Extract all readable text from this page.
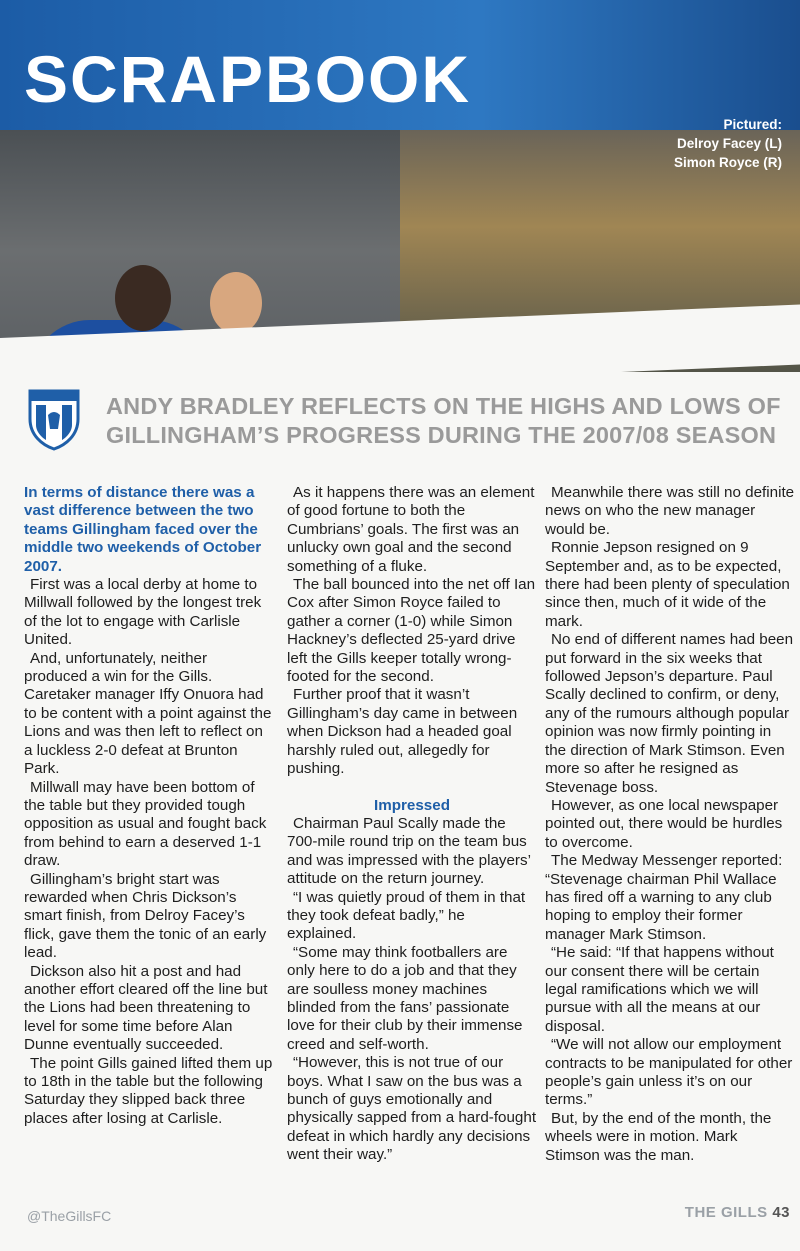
SCRAPBOOK
Pictured:
Delroy Facey (L)
Simon Royce (R)
ANDY BRADLEY REFLECTS ON THE HIGHS AND LOWS OF GILLINGHAM’S PROGRESS DURING THE 2007/08 SEASON

In terms of distance there was a vast difference between the two teams Gillingham faced over the middle two weekends of October 2007.

First was a local derby at home to Millwall followed by the longest trek of the lot to engage with Carlisle United.

And, unfortunately, neither produced a win for the Gills. Caretaker manager Iffy Onuora had to be content with a point against the Lions and was then left to reflect on a luckless 2-0 defeat at Brunton Park.

Millwall may have been bottom of the table but they provided tough opposition as usual and fought back from behind to earn a deserved 1-1 draw.

Gillingham’s bright start was rewarded when Chris Dickson’s smart finish, from Delroy Facey’s flick, gave them the tonic of an early lead.

Dickson also hit a post and had another effort cleared off the line but the Lions had been threatening to level for some time before Alan Dunne eventually succeeded.

The point Gills gained lifted them up to 18th in the table but the following Saturday they slipped back three places after losing at Carlisle.

As it happens there was an element of good fortune to both the Cumbrians’ goals. The first was an unlucky own goal and the second something of a fluke.

The ball bounced into the net off Ian Cox after Simon Royce failed to gather a corner (1-0) while Simon Hackney’s deflected 25-yard drive left the Gills keeper totally wrong-footed for the second.

Further proof that it wasn’t Gillingham’s day came in between when Dickson had a headed goal harshly ruled out, allegedly for pushing.

Impressed

Chairman Paul Scally made the 700-mile round trip on the team bus and was impressed with the players’ attitude on the return journey.

“I was quietly proud of them in that they took defeat badly,” he explained.

“Some may think footballers are only here to do a job and that they are soulless money machines blinded from the fans’ passionate love for their club by their immense creed and self-worth.

“However, this is not true of our boys. What I saw on the bus was a bunch of guys emotionally and physically sapped from a hard-fought defeat in which hardly any decisions went their way.”

Meanwhile there was still no definite news on who the new manager would be.

Ronnie Jepson resigned on 9 September and, as to be expected, there had been plenty of speculation since then, much of it wide of the mark.

No end of different names had been put forward in the six weeks that followed Jepson’s departure. Paul Scally declined to confirm, or deny, any of the rumours although popular opinion was now firmly pointing in the direction of Mark Stimson. Even more so after he resigned as Stevenage boss.

However, as one local newspaper pointed out, there would be hurdles to overcome.

The Medway Messenger reported: “Stevenage chairman Phil Wallace has fired off a warning to any club hoping to employ their former manager Mark Stimson.

“He said: “If that happens without our consent there will be certain legal ramifications which we will pursue with all the means at our disposal.

“We will not allow our employment contracts to be manipulated for other people’s gain unless it’s on our terms.”

But, by the end of the month, the wheels were in motion. Mark Stimson was the man.

@TheGillsFC	THE GILLS 43
